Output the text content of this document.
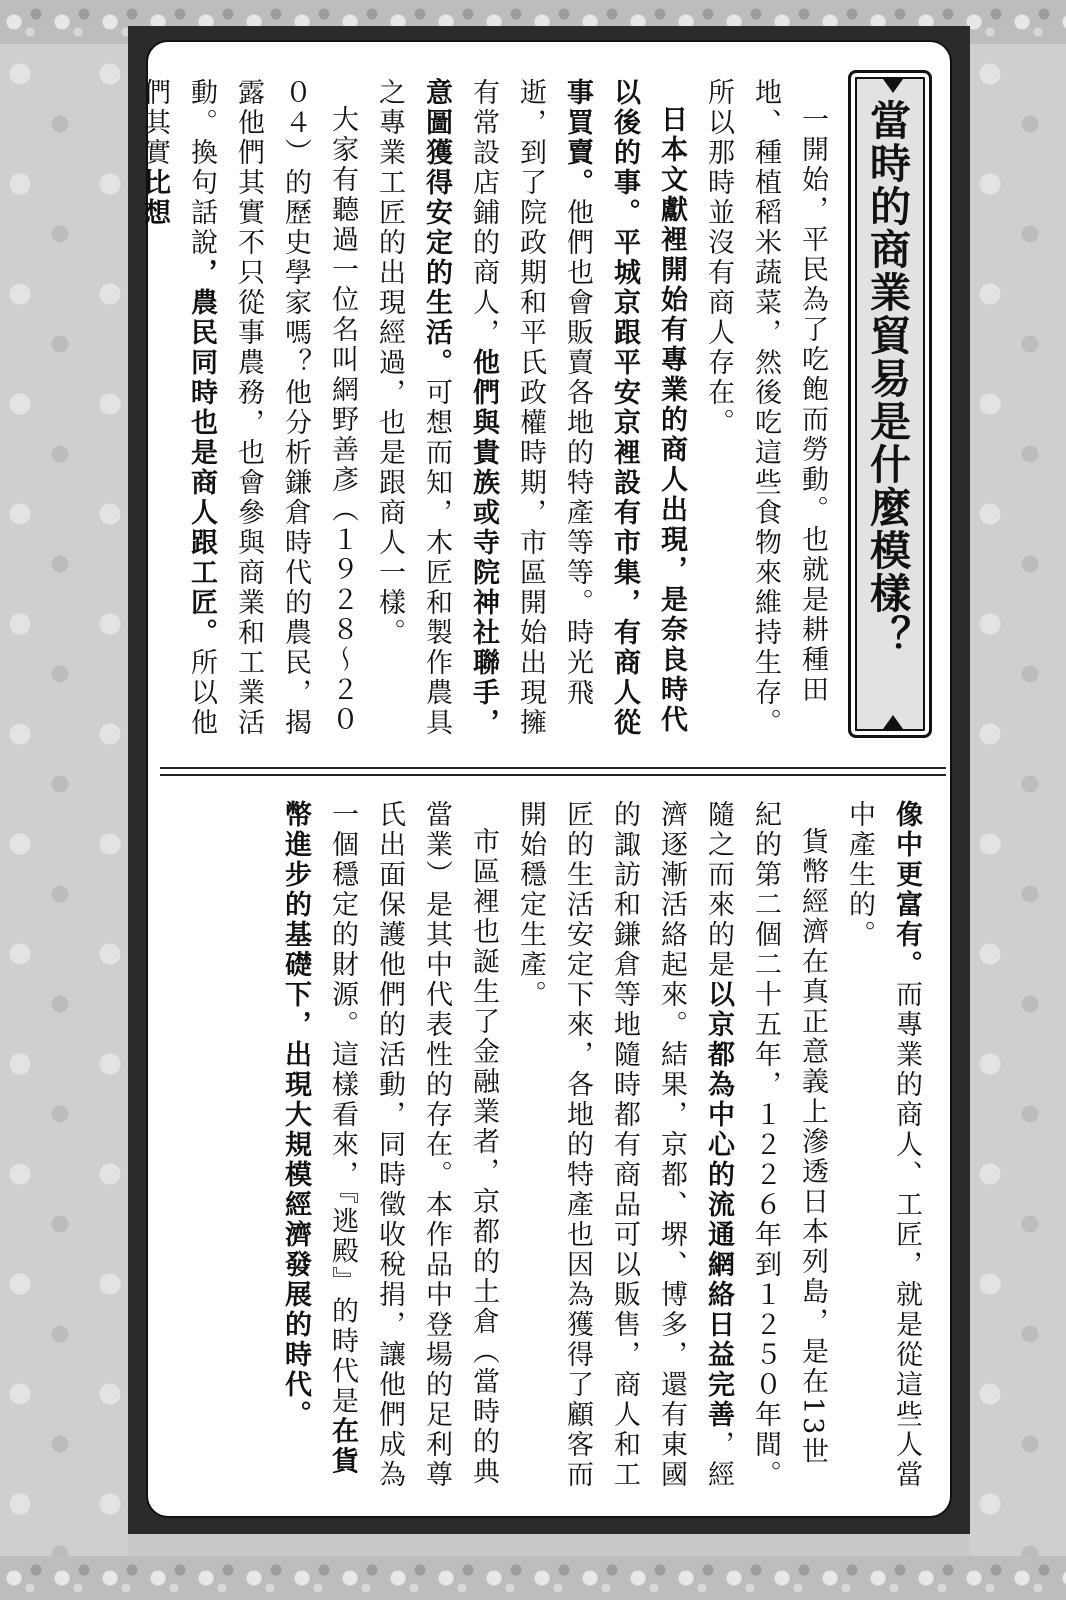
當時的商業貿易是什麼模樣？

一開始，平民為了吃飽而勞動。也就是耕種田地、種植稻米蔬菜，然後吃這些食物來維持生存。所以那時並沒有商人存在。

日本文獻裡開始有專業的商人出現，是奈良時代以後的事。平城京跟平安京裡設有市集，有商人從事買賣。他們也會販賣各地的特產等等。時光飛逝，到了院政期和平氏政權時期，市區開始出現擁有常設店鋪的商人，他們與貴族或寺院神社聯手，意圖獲得安定的生活。可想而知，木匠和製作農具之專業工匠的出現經過，也是跟商人一樣。

大家有聽過一位名叫網野善彥（１９２８〜２００４）的歷史學家嗎？他分析鎌倉時代的農民，揭露他們其實不只從事農務，也會參與商業和工業活動。換句話說，農民同時也是商人跟工匠。所以他們其實比想

像中更富有。而專業的商人、工匠，就是從這些人當中產生的。

貨幣經濟在真正意義上滲透日本列島，是在13世紀的第二個二十五年，１２２６年到１２５０年間。隨之而來的是以京都為中心的流通網絡日益完善，經濟逐漸活絡起來。結果，京都、堺、博多，還有東國的諏訪和鎌倉等地隨時都有商品可以販售，商人和工匠的生活安定下來，各地的特產也因為獲得了顧客而開始穩定生產。

市區裡也誕生了金融業者，京都的土倉（當時的典當業）是其中代表性的存在。本作品中登場的足利尊氏出面保護他們的活動，同時徵收稅捐，讓他們成為一個穩定的財源。這樣看來，『逃殿』的時代是在貨幣進步的基礎下，出現大規模經濟發展的時代。
